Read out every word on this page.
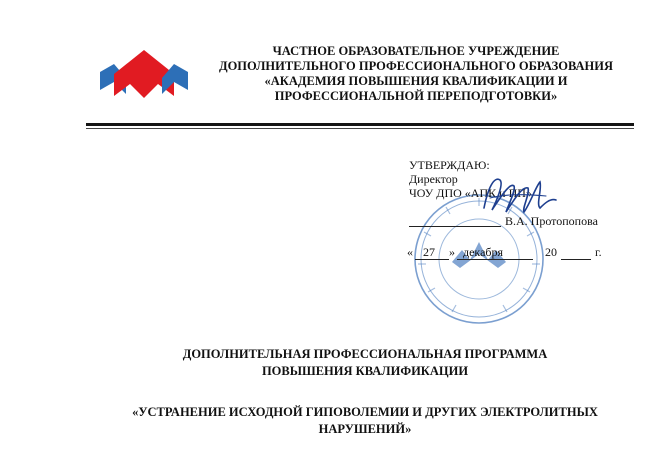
ЧАСТНОЕ ОБРАЗОВАТЕЛЬНОЕ УЧРЕЖДЕНИЕ
ДОПОЛНИТЕЛЬНОГО ПРОФЕССИОНАЛЬНОГО ОБРАЗОВАНИЯ
«АКАДЕМИЯ ПОВЫШЕНИЯ КВАЛИФИКАЦИИ И
ПРОФЕССИОНАЛЬНОЙ ПЕРЕПОДГОТОВКИ»
УТВЕРЖДАЮ:
Директор
ЧОУ ДПО «АПК и ПП»
В.А. Протопопова
« 27 » декабря	20	г.
ДОПОЛНИТЕЛЬНАЯ ПРОФЕССИОНАЛЬНАЯ ПРОГРАММА
ПОВЫШЕНИЯ КВАЛИФИКАЦИИ
«УСТРАНЕНИЕ ИСХОДНОЙ ГИПОВОЛЕМИИ И ДРУГИХ ЭЛЕКТРОЛИТНЫХ
НАРУШЕНИЙ»
